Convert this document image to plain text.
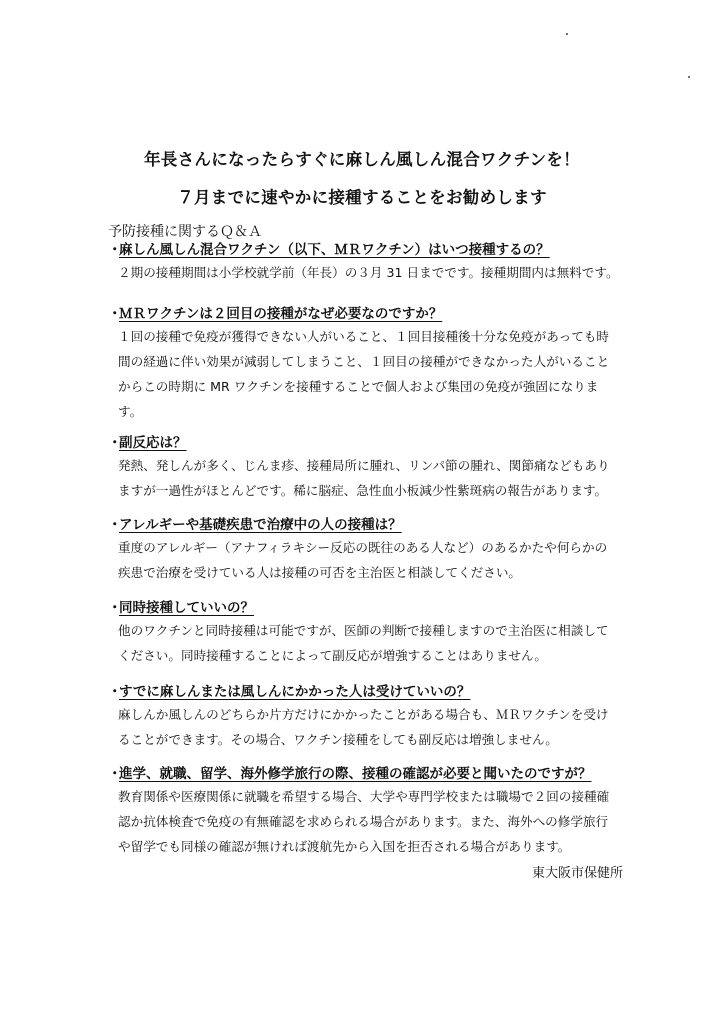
年長さんになったらすぐに麻しん風しん混合ワクチンを！
７月までに速やかに接種することをお勧めします
予防接種に関するＱ＆Ａ
・
麻しん風しん混合ワクチン（以下、ＭＲワクチン）はいつ接種するの？
２期の接種期間は小学校就学前（年長）の３月 31 日までです。接種期間内は無料です。
・
ＭＲワクチンは２回目の接種がなぜ必要なのですか？
１回の接種で免疫が獲得できない人がいること、１回目接種後十分な免疫があっても時
間の経過に伴い効果が減弱してしまうこと、１回目の接種ができなかった人がいること
からこの時期に MR ワクチンを接種することで個人および集団の免疫が強固になりま
す。
・
副反応は？
発熱、発しんが多く、じんま疹、接種局所に腫れ、リンパ節の腫れ、関節痛などもあり
ますが一過性がほとんどです。稀に脳症、急性血小板減少性紫斑病の報告があります。
・
アレルギーや基礎疾患で治療中の人の接種は？
重度のアレルギー（アナフィラキシー反応の既往のある人など）のあるかたや何らかの
疾患で治療を受けている人は接種の可否を主治医と相談してください。
・
同時接種していいの？
他のワクチンと同時接種は可能ですが、医師の判断で接種しますので主治医に相談して
ください。同時接種することによって副反応が増強することはありません。
・
すでに麻しんまたは風しんにかかった人は受けていいの？
麻しんか風しんのどちらか片方だけにかかったことがある場合も、ＭＲワクチンを受け
ることができます。その場合、ワクチン接種をしても副反応は増強しません。
・
進学、就職、留学、海外修学旅行の際、接種の確認が必要と聞いたのですが？
教育関係や医療関係に就職を希望する場合、大学や専門学校または職場で２回の接種確
認か抗体検査で免疫の有無確認を求められる場合があります。また、海外への修学旅行
や留学でも同様の確認が無ければ渡航先から入国を拒否される場合があります。
東大阪市保健所
